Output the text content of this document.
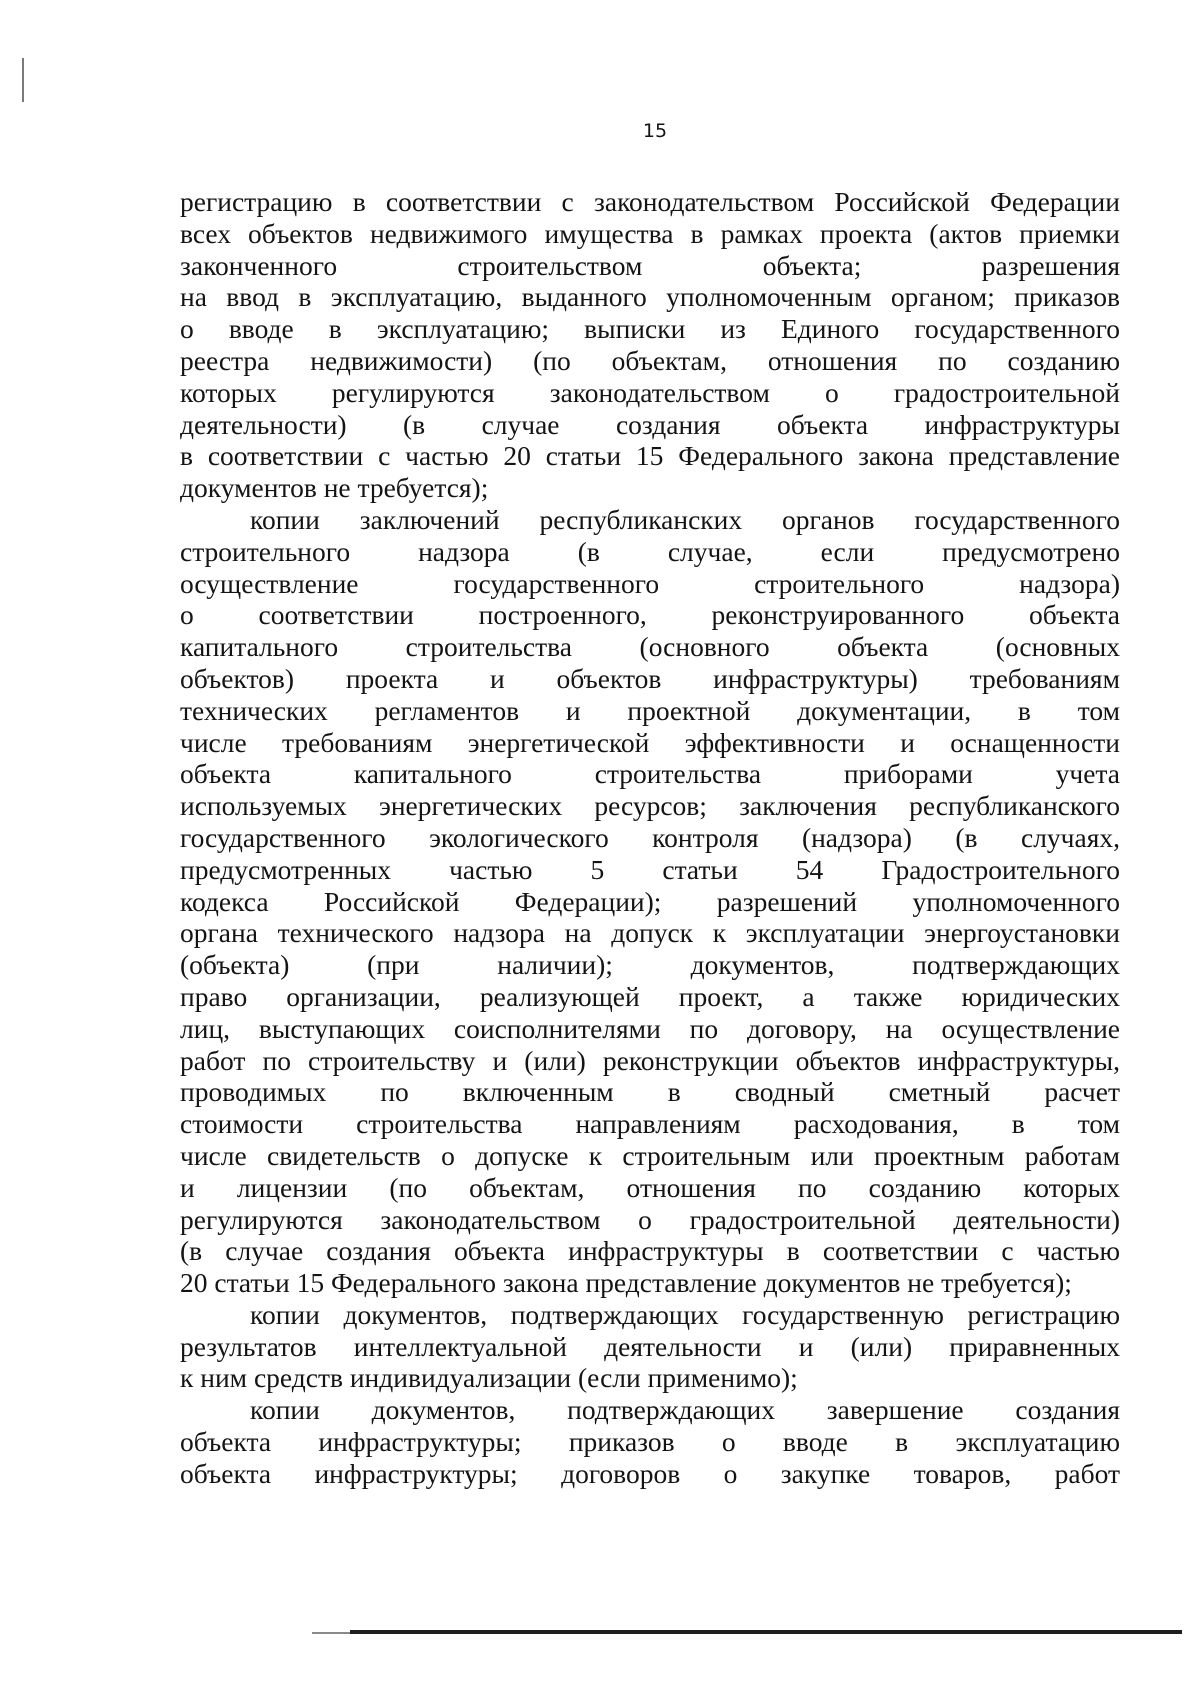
15
регистрацию в соответствии с законодательством Российской Федерации
всех объектов недвижимого имущества в рамках проекта (актов приемки
законченного строительством объекта; разрешения
на ввод в эксплуатацию, выданного уполномоченным органом; приказов
о вводе в эксплуатацию; выписки из Единого государственного
реестра недвижимости) (по объектам, отношения по созданию
которых регулируются законодательством о градостроительной
деятельности) (в случае создания объекта инфраструктуры
в соответствии с частью 20 статьи 15 Федерального закона представление
документов не требуется);
копии заключений республиканских органов государственного
строительного надзора (в случае, если предусмотрено
осуществление государственного строительного надзора)
о соответствии построенного, реконструированного объекта
капитального строительства (основного объекта (основных
объектов) проекта и объектов инфраструктуры) требованиям
технических регламентов и проектной документации, в том
числе требованиям энергетической эффективности и оснащенности
объекта капитального строительства приборами учета
используемых энергетических ресурсов; заключения республиканского
государственного экологического контроля (надзора) (в случаях,
предусмотренных частью 5 статьи 54 Градостроительного
кодекса Российской Федерации); разрешений уполномоченного
органа технического надзора на допуск к эксплуатации энергоустановки
(объекта) (при наличии); документов, подтверждающих
право организации, реализующей проект, а также юридических
лиц, выступающих соисполнителями по договору, на осуществление
работ по строительству и (или) реконструкции объектов инфраструктуры,
проводимых по включенным в сводный сметный расчет
стоимости строительства направлениям расходования, в том
числе свидетельств о допуске к строительным или проектным работам
и лицензии (по объектам, отношения по созданию которых
регулируются законодательством о градостроительной деятельности)
(в случае создания объекта инфраструктуры в соответствии с частью
20 статьи 15 Федерального закона представление документов не требуется);
копии документов, подтверждающих государственную регистрацию
результатов интеллектуальной деятельности и (или) приравненных
к ним средств индивидуализации (если применимо);
копии документов, подтверждающих завершение создания
объекта инфраструктуры; приказов о вводе в эксплуатацию
объекта инфраструктуры; договоров о закупке товаров, работ
